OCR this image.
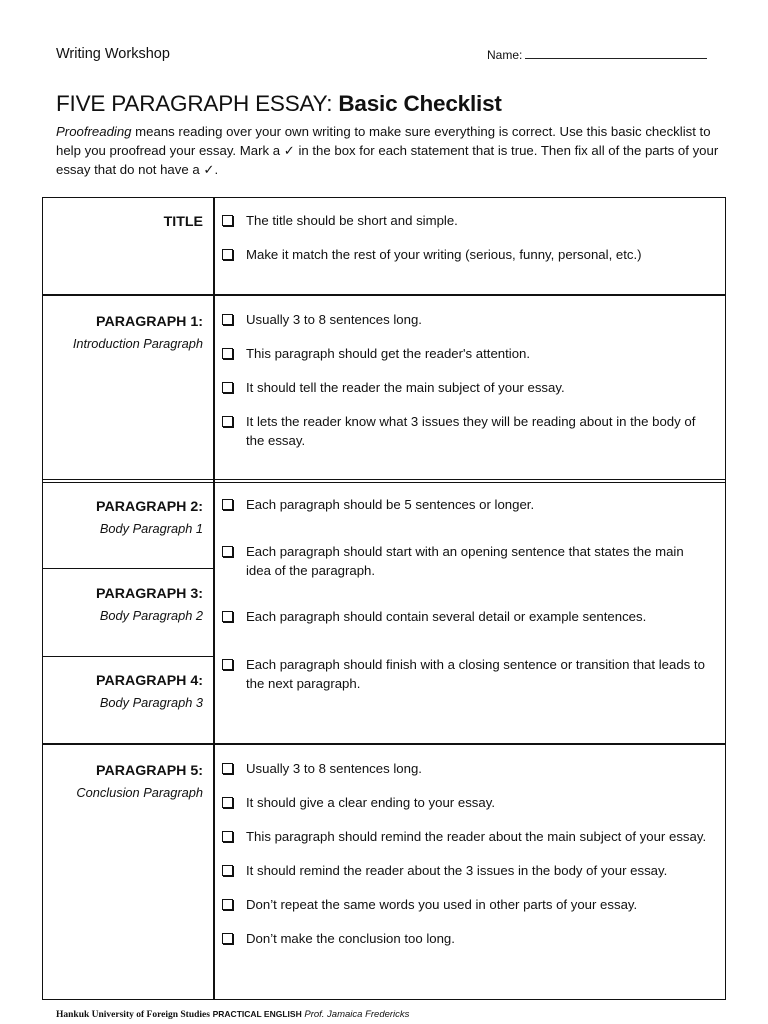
Writing Workshop	Name:
FIVE PARAGRAPH ESSAY: Basic Checklist

Proofreading means reading over your own writing to make sure everything is correct. Use this basic checklist to help you proofread your essay. Mark a ✓ in the box for each statement that is true. Then fix all of the parts of your essay that do not have a ✓.

TITLE	The title should be short and simple.
Make it match the rest of your writing (serious, funny, personal, etc.)
PARAGRAPH 1:
Introduction Paragraph
Usually 3 to 8 sentences long.
This paragraph should get the reader's attention.
It should tell the reader the main subject of your essay.
It lets the reader know what 3 issues they will be reading about in the body of the essay.
PARAGRAPH 2:
Body Paragraph 1
PARAGRAPH 3:
Body Paragraph 2
PARAGRAPH 4:
Body Paragraph 3
Each paragraph should be 5 sentences or longer.
Each paragraph should start with an opening sentence that states the main idea of the paragraph.
Each paragraph should contain several detail or example sentences.
Each paragraph should finish with a closing sentence or transition that leads to the next paragraph.
PARAGRAPH 5:
Conclusion Paragraph
Usually 3 to 8 sentences long.
It should give a clear ending to your essay.
This paragraph should remind the reader about the main subject of your essay.
It should remind the reader about the 3 issues in the body of your essay.
Don’t repeat the same words you used in other parts of your essay.
Don’t make the conclusion too long.
Hankuk University of Foreign Studies PRACTICAL ENGLISH Prof. Jamaica Fredericks
